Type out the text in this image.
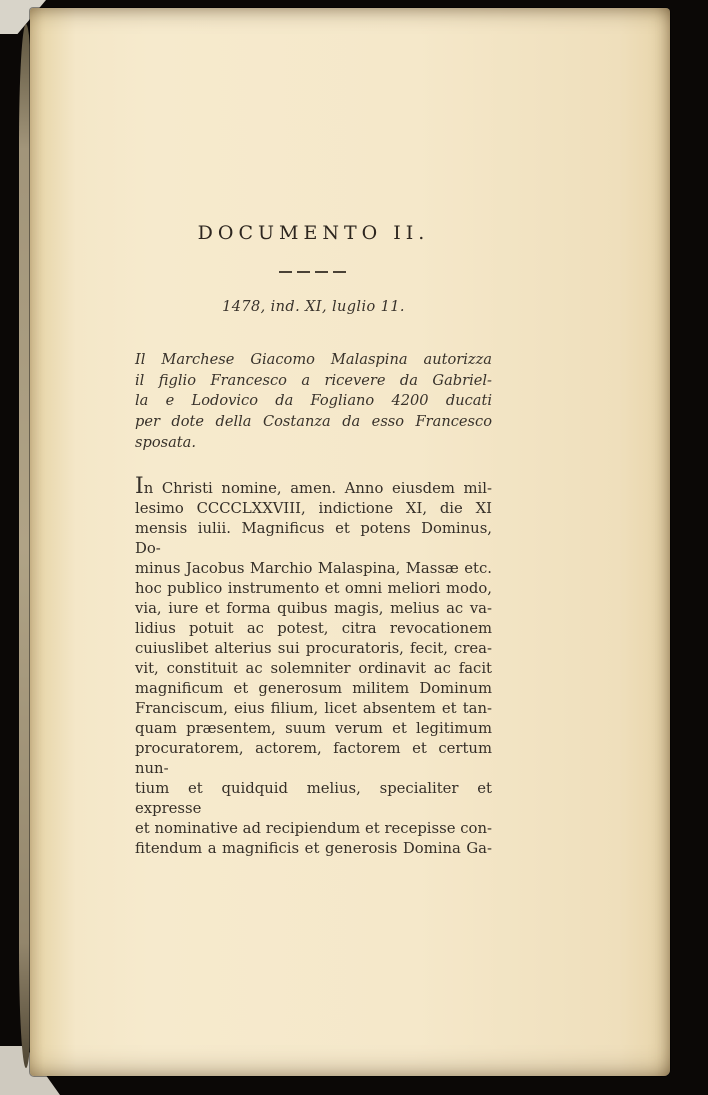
DOCUMENTO II.
1478, ind. XI, luglio 11.
Il Marchese Giacomo Malaspina autorizza
il figlio Francesco a ricevere da Gabriel-
la e Lodovico da Fogliano 4200 ducati
per dote della Costanza da esso Francesco
sposata.
In Christi nomine, amen. Anno eiusdem mil-
lesimo CCCCLXXVIII, indictione XI, die XI
mensis iulii. Magnificus et potens Dominus, Do-
minus Jacobus Marchio Malaspina, Massæ etc.
hoc publico instrumento et omni meliori modo,
via, iure et forma quibus magis, melius ac va-
lidius potuit ac potest, citra revocationem
cuiuslibet alterius sui procuratoris, fecit, crea-
vit, constituit ac solemniter ordinavit ac facit
magnificum et generosum militem Dominum
Franciscum, eius filium, licet absentem et tan-
quam præsentem, suum verum et legitimum
procuratorem, actorem, factorem et certum nun-
tium et quidquid melius, specialiter et expresse
et nominative ad recipiendum et recepisse con-
fitendum a magnificis et generosis Domina Ga-
